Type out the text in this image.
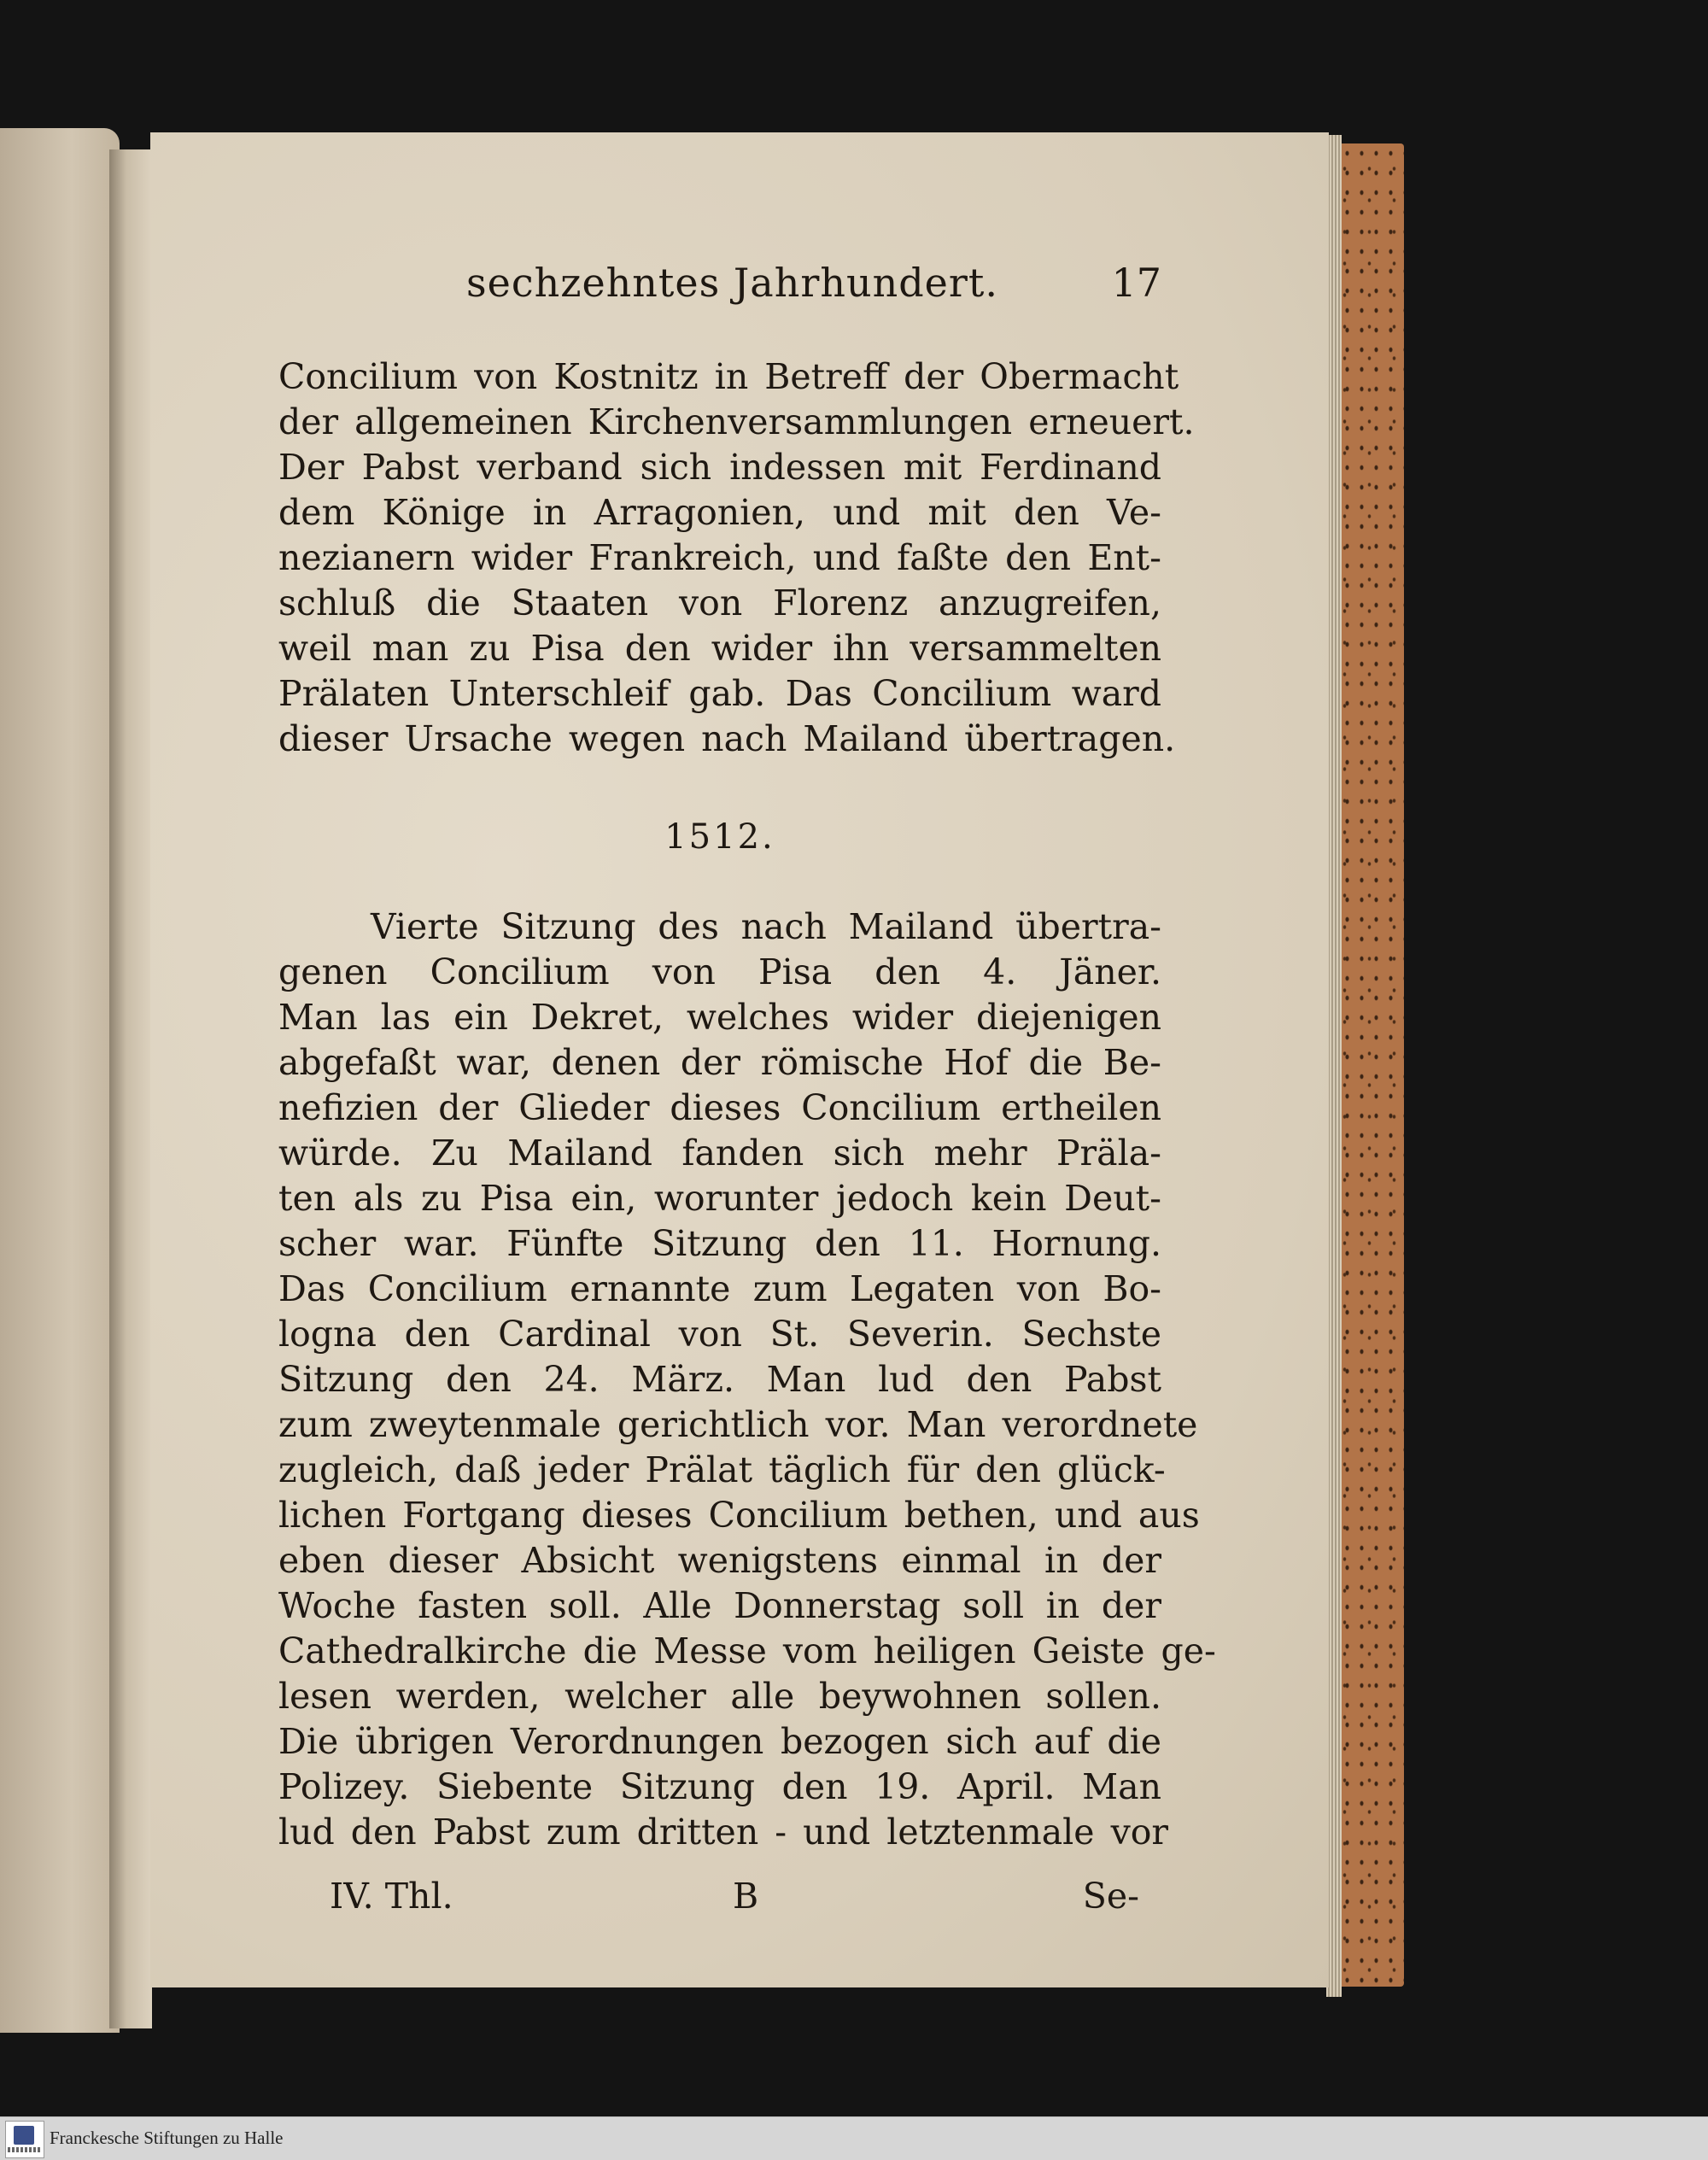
sechzehntes Jahrhundert.	17

Concilium von Kostnitz in Betreff der Obermacht
der allgemeinen Kirchenversammlungen erneuert.
Der Pabst verband sich indessen mit Ferdinand
dem Könige in Arragonien, und mit den Ve-
nezianern wider Frankreich, und faßte den Ent-
schluß die Staaten von Florenz anzugreifen,
weil man zu Pisa den wider ihn versammelten
Prälaten Unterschleif gab. Das Concilium ward
dieser Ursache wegen nach Mailand übertragen.

1512.

Vierte Sitzung des nach Mailand übertra-
genen Concilium von Pisa den 4. Jäner.
Man las ein Dekret, welches wider diejenigen
abgefaßt war, denen der römische Hof die Be-
nefizien der Glieder dieses Concilium ertheilen
würde. Zu Mailand fanden sich mehr Präla-
ten als zu Pisa ein, worunter jedoch kein Deut-
scher war. Fünfte Sitzung den 11. Hornung.
Das Concilium ernannte zum Legaten von Bo-
logna den Cardinal von St. Severin. Sechste
Sitzung den 24. März. Man lud den Pabst
zum zweytenmale gerichtlich vor. Man verordnete
zugleich, daß jeder Prälat täglich für den glück-
lichen Fortgang dieses Concilium bethen, und aus
eben dieser Absicht wenigstens einmal in der
Woche fasten soll. Alle Donnerstag soll in der
Cathedralkirche die Messe vom heiligen Geiste ge-
lesen werden, welcher alle beywohnen sollen.
Die übrigen Verordnungen bezogen sich auf die
Polizey. Siebente Sitzung den 19. April. Man
lud den Pabst zum dritten - und letztenmale vor

IV. Thl.	B	Se-
Franckesche Stiftungen zu Halle
